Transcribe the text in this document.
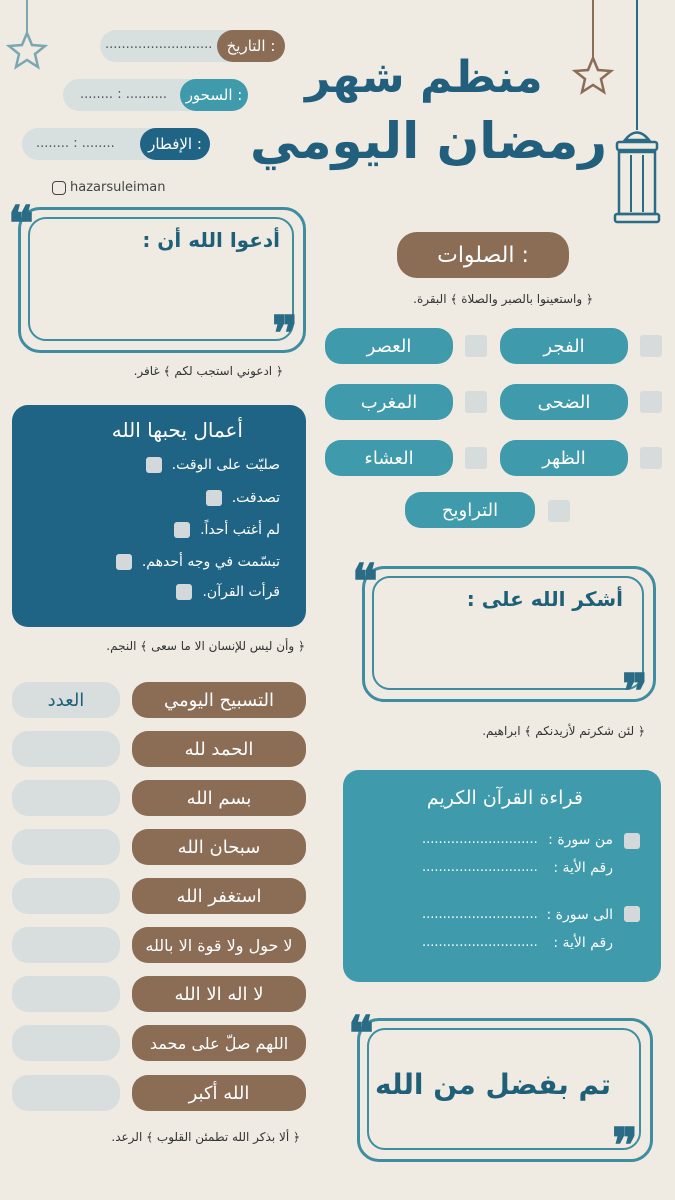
منظم شهر
رمضان اليومي
.......................... التاريخ :
........ : ..........	السحور :
........ : ........	الإفطار :
hazarsuleiman
❝
❞
أدعوا الله أن :
﴿ ادعوني استجب لكم ﴾ غافر.
الصلوات :
﴿ واستعينوا بالصبر والصلاة ﴾ البقرة.
الفجر
العصر
الضحى
المغرب
الظهر
العشاء
التراويح
أعمال يحبها الله
صليّت على الوقت.
تصدقت.
لم أغتب أحداً.
تبسّمت في وجه أحدهم.
قرأت القرآن.
﴿ وأن ليس للإنسان الا ما سعى ﴾ النجم.
❝
❞
أشكر الله على :
﴿ لئن شكرتم لأزيدنكم ﴾ ابراهيم.
التسبيح اليومي
العدد
الحمد لله
بسم الله
سبحان الله
استغفر الله
لا حول ولا قوة الا بالله
لا اله الا الله
اللهم صلّ على محمد
الله أكبر
﴿ ألا بذكر الله تطمئن القلوب ﴾ الرعد.
قراءة القرآن الكريم
من سورة :
............................
رقم الأية :
............................
الى سورة :
............................
رقم الأية :
............................
❝
❞
تم بفضل من الله
